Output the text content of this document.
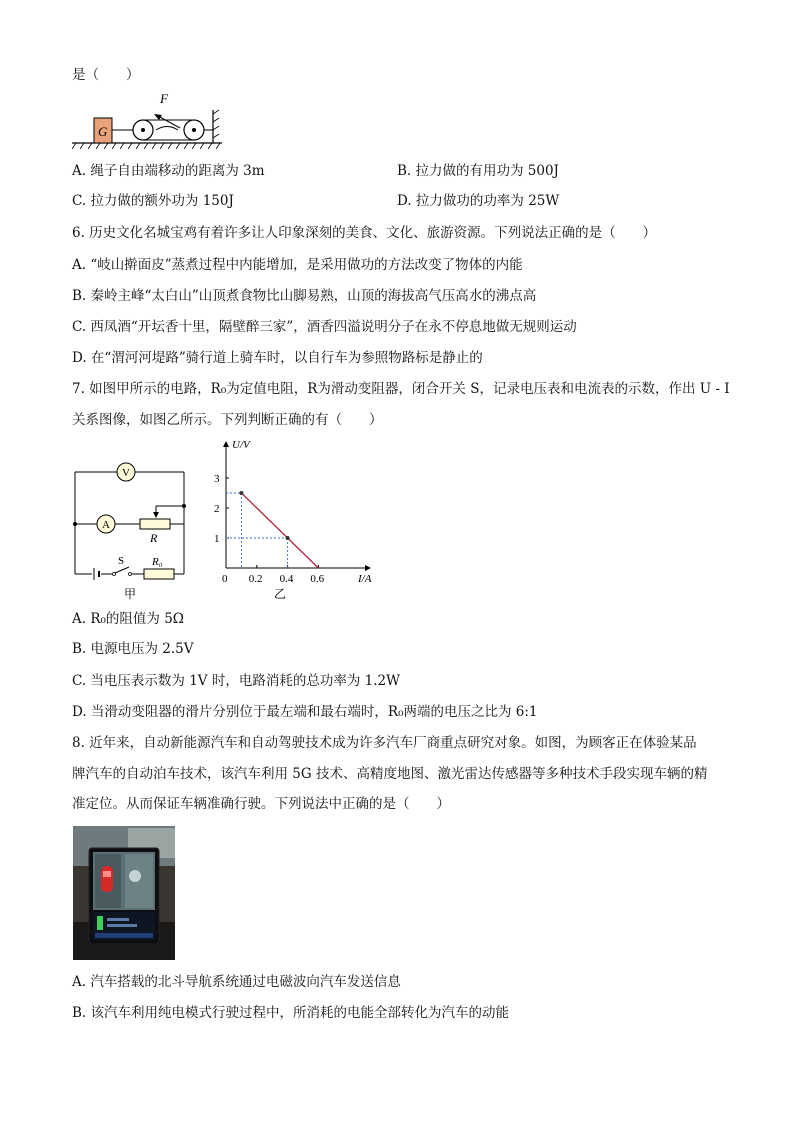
是（　　）
G
F
A. 绳子自由端移动的距离为 3m	B. 拉力做的有用功为 500J
C. 拉力做的额外功为 150J	D. 拉力做功的功率为 25W
6. 历史文化名城宝鸡有着许多让人印象深刻的美食、文化、旅游资源。下列说法正确的是（　　）
A. “岐山擀面皮”蒸煮过程中内能增加，是采用做功的方法改变了物体的内能
B. 秦岭主峰“太白山”山顶煮食物比山脚易熟，山顶的海拔高气压高水的沸点高
C. 西凤酒“开坛香十里，隔壁醉三家”，酒香四溢说明分子在永不停息地做无规则运动
D. 在“渭河河堤路”骑行道上骑车时，以自行车为参照物路标是静止的
7. 如图甲所示的电路，R₀为定值电阻，R为滑动变阻器，闭合开关 S，记录电压表和电流表的示数，作出 U - I
关系图像，如图乙所示。下列判断正确的有（　　）
V
A
R
S	R₀
甲
0.2 0.4 0.6
1
2
3
U/V
I/A
0
乙
A. R₀的阻值为 5Ω
B. 电源电压为 2.5V
C. 当电压表示数为 1V 时，电路消耗的总功率为 1.2W
D. 当滑动变阻器的滑片分别位于最左端和最右端时，R₀两端的电压之比为 6:1
8. 近年来，自动新能源汽车和自动驾驶技术成为许多汽车厂商重点研究对象。如图，为顾客正在体验某品
牌汽车的自动泊车技术，该汽车利用 5G 技术、高精度地图、激光雷达传感器等多种技术手段实现车辆的精
准定位。从而保证车辆准确行驶。下列说法中正确的是（　　）
A. 汽车搭载的北斗导航系统通过电磁波向汽车发送信息
B. 该汽车利用纯电模式行驶过程中，所消耗的电能全部转化为汽车的动能
